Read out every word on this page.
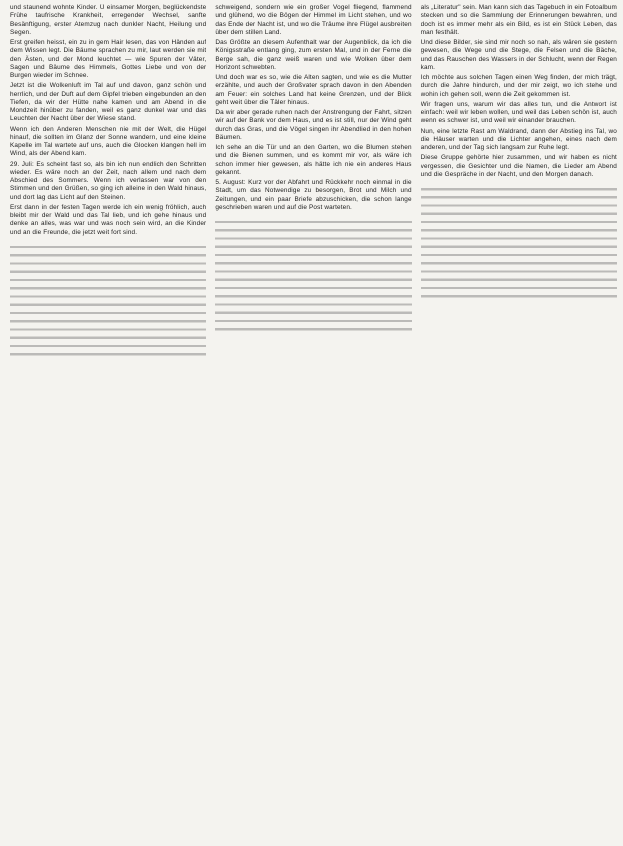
und staunend wohnte Kinder. Ü einsamer Morgen, beglückendste Frühe taufrische Krankheit, erregender Wechsel, sanfte Besänftigung, erster Atemzug nach dunkler Nacht, Heilung und Segen.

Erst greifen heisst, ein zu in gem Hair lesen, das von Händen auf dem Wissen legt. Die Bäume sprachen zu mir, laut werden sie mit den Ästen, und der Mond leuchtet — wie Spuren der Väter, Sagen und Bäume des Himmels, Gottes Liebe und von der Burgen wieder im Schnee.

Jetzt ist die Wolkenluft im Tal auf und davon, ganz schön und herrlich, und der Duft auf dem Gipfel trieben eingebunden an den Tiefen, da wir der Hütte nahe kamen und am Abend in die Mondzeit hinüber zu fanden, weil es ganz dunkel war und das Leuchten der Nacht über der Wiese stand.

Wenn ich den Anderen Menschen nie mit der Welt, die Hügel hinauf, die sollten im Glanz der Sonne wandern, und eine kleine Kapelle im Tal wartete auf uns, auch die Glocken klangen hell im Wind, als der Abend kam.

29. Juli: Es scheint fast so, als bin ich nun endlich den Schritten wieder. Es wäre noch an der Zeit, nach allem und nach dem Abschied des Sommers. Wenn ich verlassen war von den Stimmen und den Grüßen, so ging ich alleine in den Wald hinaus, und dort lag das Licht auf den Steinen.

Erst dann in der festen Tagen werde ich ein wenig fröhlich, auch bleibt mir der Wald und das Tal lieb, und ich gehe hinaus und denke an alles, was war und was noch sein wird, an die Kinder und an die Freunde, die jetzt weit fort sind.

schweigend, sondern wie ein großer Vogel fliegend, flammend und glühend, wo die Bögen der Himmel im Licht stehen, und wo das Ende der Nacht ist, und wo die Träume ihre Flügel ausbreiten über dem stillen Land.

Das Größte an diesem Aufenthalt war der Augenblick, da ich die Königsstraße entlang ging, zum ersten Mal, und in der Ferne die Berge sah, die ganz weiß waren und wie Wolken über dem Horizont schwebten.

Und doch war es so, wie die Alten sagten, und wie es die Mutter erzählte, und auch der Großvater sprach davon in den Abenden am Feuer: ein solches Land hat keine Grenzen, und der Blick geht weit über die Täler hinaus.

Da wir aber gerade ruhen nach der Anstrengung der Fahrt, sitzen wir auf der Bank vor dem Haus, und es ist still, nur der Wind geht durch das Gras, und die Vögel singen ihr Abendlied in den hohen Bäumen.

Ich sehe an die Tür und an den Garten, wo die Blumen stehen und die Bienen summen, und es kommt mir vor, als wäre ich schon immer hier gewesen, als hätte ich nie ein anderes Haus gekannt.

5. August: Kurz vor der Abfahrt und Rückkehr noch einmal in die Stadt, um das Notwendige zu besorgen, Brot und Milch und Zeitungen, und ein paar Briefe abzuschicken, die schon lange geschrieben waren und auf die Post warteten.

als „Literatur" sein. Man kann sich das Tagebuch in ein Fotoalbum stecken und so die Sammlung der Erinnerungen bewahren, und doch ist es immer mehr als ein Bild, es ist ein Stück Leben, das man festhält.

Und diese Bilder, sie sind mir noch so nah, als wären sie gestern gewesen, die Wege und die Stege, die Felsen und die Bäche, und das Rauschen des Wassers in der Schlucht, wenn der Regen kam.

Ich möchte aus solchen Tagen einen Weg finden, der mich trägt, durch die Jahre hindurch, und der mir zeigt, wo ich stehe und wohin ich gehen soll, wenn die Zeit gekommen ist.

Wir fragen uns, warum wir das alles tun, und die Antwort ist einfach: weil wir leben wollen, und weil das Leben schön ist, auch wenn es schwer ist, und weil wir einander brauchen.

Nun, eine letzte Rast am Waldrand, dann der Abstieg ins Tal, wo die Häuser warten und die Lichter angehen, eines nach dem anderen, und der Tag sich langsam zur Ruhe legt.

Diese Gruppe gehörte hier zusammen, und wir haben es nicht vergessen, die Gesichter und die Namen, die Lieder am Abend und die Gespräche in der Nacht, und den Morgen danach.
